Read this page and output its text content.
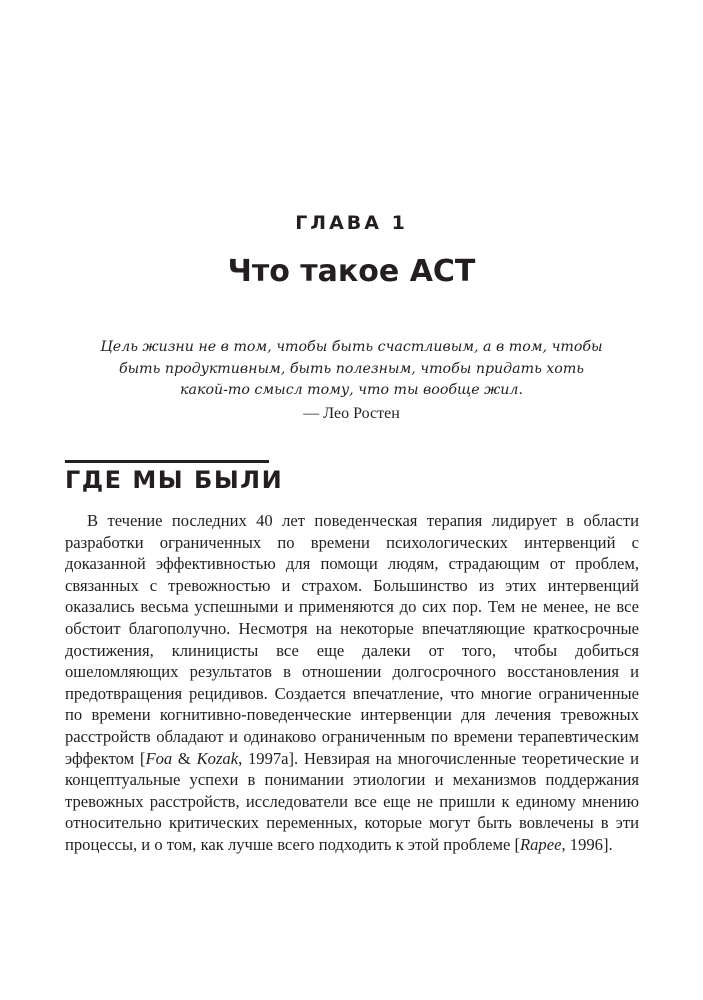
ГЛАВА 1
Что такое ACT
Цель жизни не в том, чтобы быть счастливым, а в том, чтобы
быть продуктивным, быть полезным, чтобы придать хоть
какой-то смысл тому, что ты вообще жил.
— Лео Ростен
ГДЕ МЫ БЫЛИ

В течение последних 40 лет поведенческая терапия лидирует в области разработки ограниченных по времени психологических интервенций с доказанной эффективностью для помощи людям, страдающим от проблем, связанных с тревожностью и страхом. Большинство из этих интервенций оказались весьма успешными и применяются до сих пор. Тем не менее, не все обстоит благополучно. Несмотря на некоторые впечатляющие краткосрочные достижения, клиницисты все еще далеки от того, чтобы добиться ошеломляющих результатов в отношении долгосрочного восстановления и предотвращения рецидивов. Создается впечатление, что многие ограниченные по времени когнитивно-поведенческие интервенции для лечения тревожных расстройств обладают и одинаково ограниченным по времени терапевтическим эффектом [Foa & Kozak, 1997а]. Невзирая на многочисленные теоретические и концептуальные успехи в понимании этиологии и механизмов поддержания тревожных расстройств, исследователи все еще не пришли к единому мнению относительно критических переменных, которые могут быть вовлечены в эти процессы, и о том, как лучше всего подходить к этой проблеме [Rapee, 1996].
